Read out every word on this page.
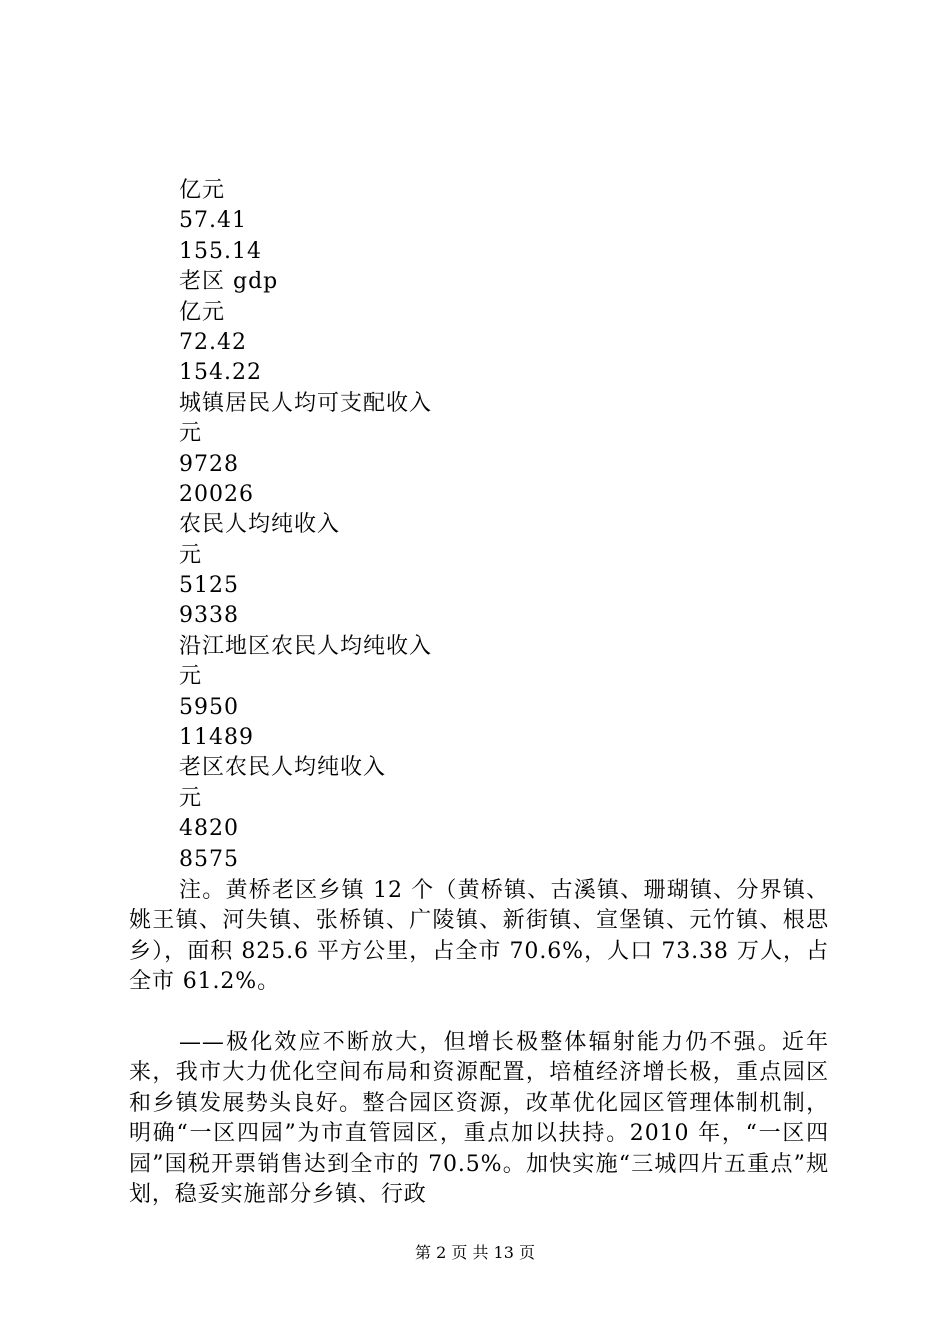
亿元
57.41
155.14
老区 gdp
亿元
72.42
154.22
城镇居民人均可支配收入
元
9728
20026
农民人均纯收入
元
5125
9338
沿江地区农民人均纯收入
元
5950
11489
老区农民人均纯收入
元
4820
8575

注。黄桥老区乡镇 12 个（黄桥镇、古溪镇、珊瑚镇、分界镇、姚王镇、河失镇、张桥镇、广陵镇、新街镇、宣堡镇、元竹镇、根思乡），面积 825.6 平方公里，占全市 70.6%，人口 73.38 万人，占全市 61.2%。

——极化效应不断放大，但增长极整体辐射能力仍不强。近年来，我市大力优化空间布局和资源配置，培植经济增长极，重点园区和乡镇发展势头良好。整合园区资源，改革优化园区管理体制机制，明确“一区四园”为市直管园区，重点加以扶持。2010 年，“一区四园”国税开票销售达到全市的 70.5%。加快实施“三城四片五重点”规划，稳妥实施部分乡镇、行政

第 2 页 共 13 页
